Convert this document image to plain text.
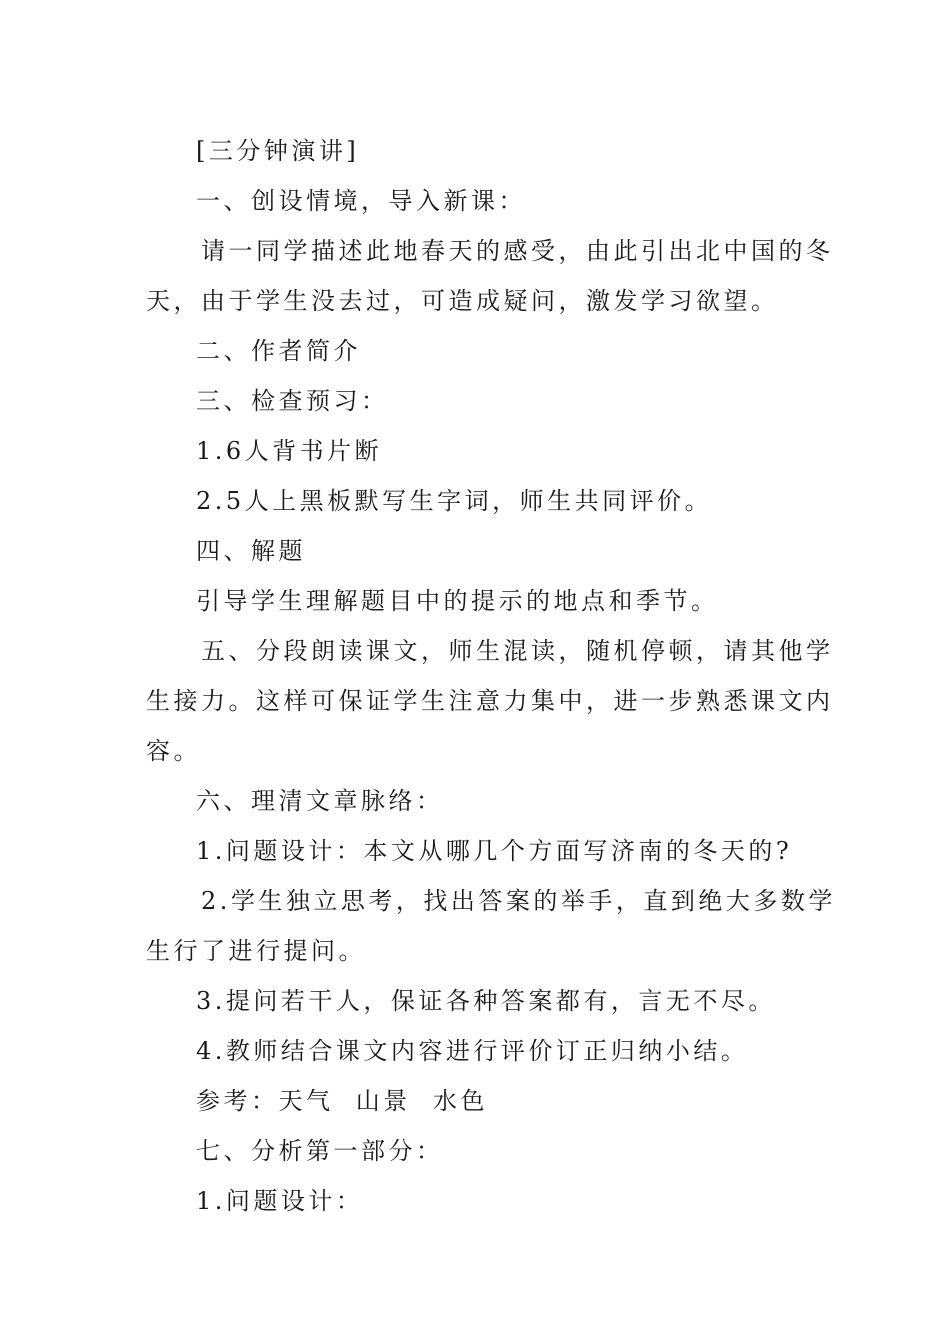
[三分钟演讲]
一、创设情境，导入新课：
请一同学描述此地春天的感受，由此引出北中国的冬
天，由于学生没去过，可造成疑问，激发学习欲望。
二、作者简介
三、检查预习：
1.6人背书片断
2.5人上黑板默写生字词，师生共同评价。
四、解题
引导学生理解题目中的提示的地点和季节。
五、分段朗读课文，师生混读，随机停顿，请其他学
生接力。这样可保证学生注意力集中，进一步熟悉课文内
容。
六、理清文章脉络：
1.问题设计：本文从哪几个方面写济南的冬天的?
2.学生独立思考，找出答案的举手，直到绝大多数学
生行了进行提问。
3.提问若干人，保证各种答案都有，言无不尽。
4.教师结合课文内容进行评价订正归纳小结。
参考：天气  山景  水色
七、分析第一部分：
1.问题设计：
